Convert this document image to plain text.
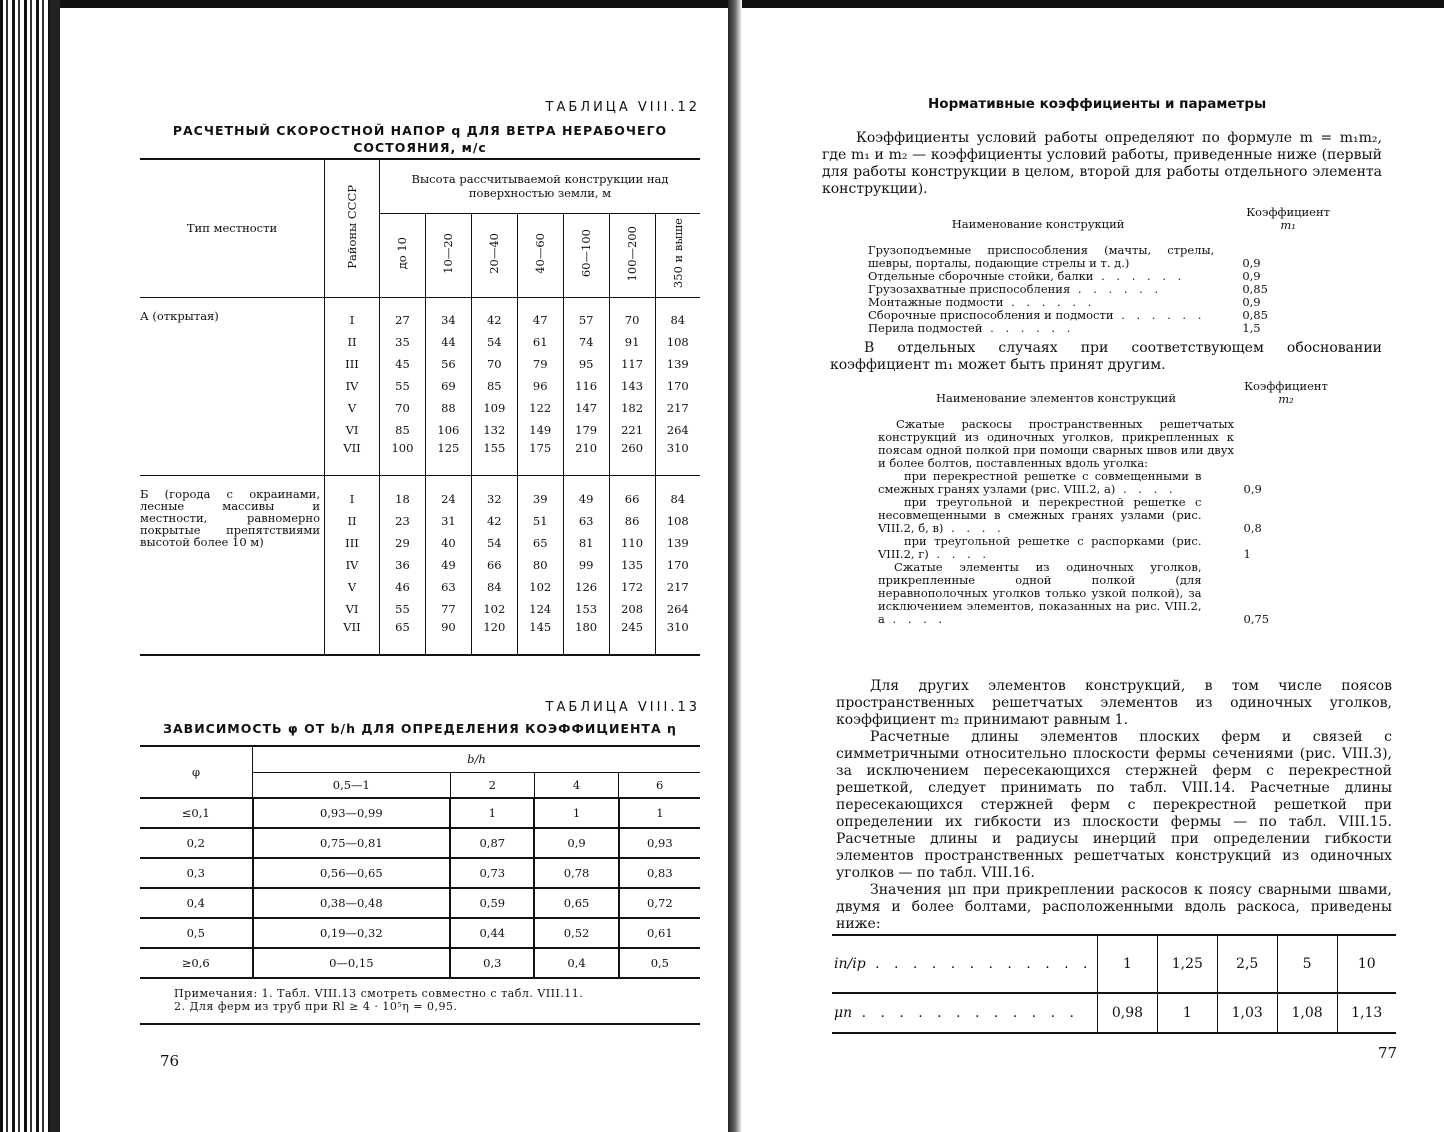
ТАБЛИЦА VIII.12
РАСЧЕТНЫЙ СКОРОСТНОЙ НАПОР q ДЛЯ ВЕТРА НЕРАБОЧЕГО
СОСТОЯНИЯ, м/с
Тип местности	Районы СССР	Высота рассчитываемой конструкции над поверхностью земли, м						
		до 10	10—20	20—40	40—60	60—100	100—200	350 и выше
А (открытая)	I	27	34	42	47	57	70	84
	II	35	44	54	61	74	91	108
	III	45	56	70	79	95	117	139
	IV	55	69	85	96	116	143	170
	V	70	88	109	122	147	182	217
	VI	85	106	132	149	179	221	264
	VII	100	125	155	175	210	260	310
Б (города с окраинами, лесные массивы и местности, равномерно покрытые препятствиями высотой более 10 м)	I	18	24	32	39	49	66	84
	II	23	31	42	51	63	86	108
	III	29	40	54	65	81	110	139
	IV	36	49	66	80	99	135	170
	V	46	63	84	102	126	172	217
	VI	55	77	102	124	153	208	264
	VII	65	90	120	145	180	245	310
ТАБЛИЦА VIII.13
ЗАВИСИМОСТЬ φ ОТ b/h ДЛЯ ОПРЕДЕЛЕНИЯ КОЭФФИЦИЕНТА η
φ	b/h			
	0,5—1	2	4	6
≤0,1	0,93—0,99	1	1	1
0,2	0,75—0,81	0,87	0,9	0,93
0,3	0,56—0,65	0,73	0,78	0,83
0,4	0,38—0,48	0,59	0,65	0,72
0,5	0,19—0,32	0,44	0,52	0,61
≥0,6	0—0,15	0,3	0,4	0,5
Примечания: 1. Табл. VIII.13 смотреть совместно с табл. VIII.11.
2. Для ферм из труб при Rl ≥ 4 · 10⁵η = 0,95.
76
Нормативные коэффициенты и параметры
Коэффициенты условий работы определяют по формуле m = m₁m₂, где m₁ и m₂ — коэффициенты условий работы, приведенные ниже (первый для работы конструкции в целом, второй для работы отдельного элемента конструкции).
Наименование конструкций
Коэффициент
m₁
Грузоподъемные приспособления (мачты, стрелы, шевры, порталы, подающие стрелы и т. д.)	0,9
Отдельные сборочные стойки, балки . . . . . .	0,9
Грузозахватные приспособления . . . . . .	0,85
Монтажные подмости . . . . . .	0,9
Сборочные приспособления и подмости . . . . . .	0,85
Перила подмостей . . . . . .	1,5
В отдельных случаях при соответствующем обосновании коэффициент m₁ может быть принят другим.
Наименование элементов конструкций
Коэффициент
m₂
Сжатые раскосы пространственных решетчатых конструкций из одиночных уголков, прикрепленных к поясам одной полкой при помощи сварных швов или двух и более болтов, поставленных вдоль уголка:
при перекрестной решетке с совмещенными в смежных гранях узлами (рис. VIII.2, а) . . . .	0,9
при треугольной и перекрестной решетке с несовмещенными в смежных гранях узлами (рис. VIII.2, б, в) . . . .	0,8
при треугольной решетке с распорками (рис. VIII.2, г) . . . .	1
Сжатые элементы из одиночных уголков, прикрепленные одной полкой (для неравнополочных уголков только узкой полкой), за исключением элементов, показанных на рис. VIII.2, а . . . .	0,75
Для других элементов конструкций, в том числе поясов пространственных решетчатых элементов из одиночных уголков, коэффициент m₂ принимают равным 1.
Расчетные длины элементов плоских ферм и связей с симметричными относительно плоскости фермы сечениями (рис. VIII.3), за исключением пересекающихся стержней ферм с перекрестной решеткой, следует принимать по табл. VIII.14. Расчетные длины пересекающихся стержней ферм с перекрестной решеткой при определении их гибкости из плоскости фермы — по табл. VIII.15. Расчетные длины и радиусы инерций при определении гибкости элементов пространственных решетчатых конструкций из одиночных уголков — по табл. VIII.16.
Значения μп при прикреплении раскосов к поясу сварными швами, двумя и более болтами, расположенными вдоль раскоса, приведены ниже:
iп/iр . . . . . . . . . . . .	1	1,25	2,5	5	10
μп . . . . . . . . . . . .	0,98	1	1,03	1,08	1,13
77
